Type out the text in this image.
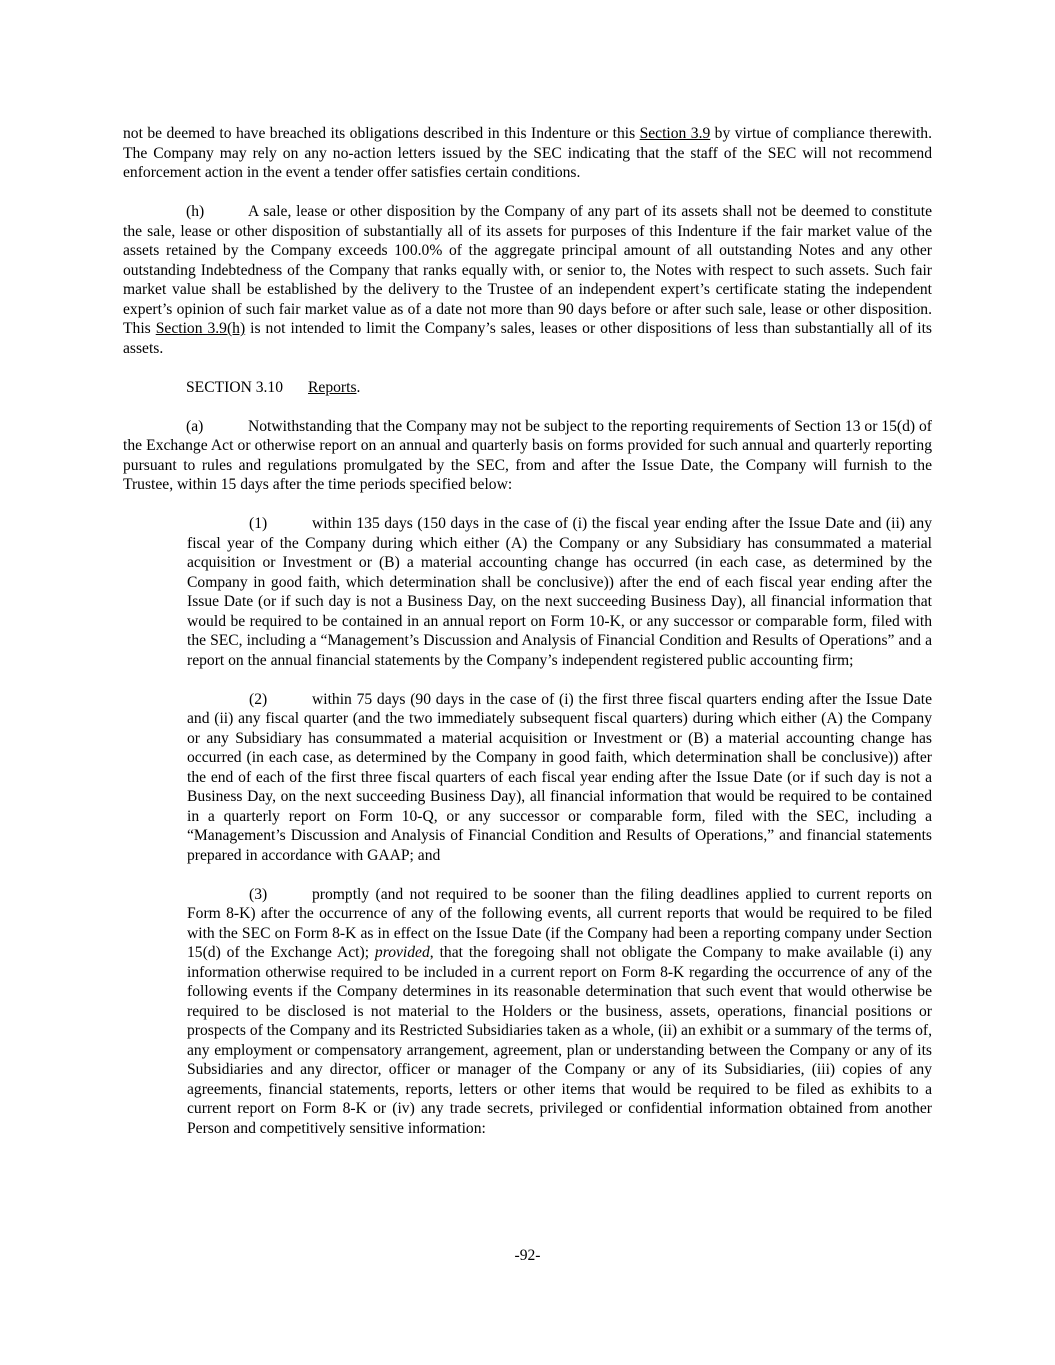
not be deemed to have breached its obligations described in this Indenture or this Section 3.9 by virtue of compliance therewith. The Company may rely on any no-action letters issued by the SEC indicating that the staff of the SEC will not recommend enforcement action in the event a tender offer satisfies certain conditions.

(h)	A sale, lease or other disposition by the Company of any part of its assets shall not be deemed to constitute the sale, lease or other disposition of substantially all of its assets for purposes of this Indenture if the fair market value of the assets retained by the Company exceeds 100.0% of the aggregate principal amount of all outstanding Notes and any other outstanding Indebtedness of the Company that ranks equally with, or senior to, the Notes with respect to such assets. Such fair market value shall be established by the delivery to the Trustee of an independent expert’s certificate stating the independent expert’s opinion of such fair market value as of a date not more than 90 days before or after such sale, lease or other disposition. This Section 3.9(h) is not intended to limit the Company’s sales, leases or other dispositions of less than substantially all of its assets.

SECTION 3.10 Reports.

(a)	Notwithstanding that the Company may not be subject to the reporting requirements of Section 13 or 15(d) of the Exchange Act or otherwise report on an annual and quarterly basis on forms provided for such annual and quarterly reporting pursuant to rules and regulations promulgated by the SEC, from and after the Issue Date, the Company will furnish to the Trustee, within 15 days after the time periods specified below:

(1)	within 135 days (150 days in the case of (i) the fiscal year ending after the Issue Date and (ii) any fiscal year of the Company during which either (A) the Company or any Subsidiary has consummated a material acquisition or Investment or (B) a material accounting change has occurred (in each case, as determined by the Company in good faith, which determination shall be conclusive)) after the end of each fiscal year ending after the Issue Date (or if such day is not a Business Day, on the next succeeding Business Day), all financial information that would be required to be contained in an annual report on Form 10-K, or any successor or comparable form, filed with the SEC, including a “Management’s Discussion and Analysis of Financial Condition and Results of Operations” and a report on the annual financial statements by the Company’s independent registered public accounting firm;

(2)	within 75 days (90 days in the case of (i) the first three fiscal quarters ending after the Issue Date and (ii) any fiscal quarter (and the two immediately subsequent fiscal quarters) during which either (A) the Company or any Subsidiary has consummated a material acquisition or Investment or (B) a material accounting change has occurred (in each case, as determined by the Company in good faith, which determination shall be conclusive)) after the end of each of the first three fiscal quarters of each fiscal year ending after the Issue Date (or if such day is not a Business Day, on the next succeeding Business Day), all financial information that would be required to be contained in a quarterly report on Form 10-Q, or any successor or comparable form, filed with the SEC, including a “Management’s Discussion and Analysis of Financial Condition and Results of Operations,” and financial statements prepared in accordance with GAAP; and

(3)	promptly (and not required to be sooner than the filing deadlines applied to current reports on Form 8-K) after the occurrence of any of the following events, all current reports that would be required to be filed with the SEC on Form 8-K as in effect on the Issue Date (if the Company had been a reporting company under Section 15(d) of the Exchange Act); provided, that the foregoing shall not obligate the Company to make available (i) any information otherwise required to be included in a current report on Form 8-K regarding the occurrence of any of the following events if the Company determines in its reasonable determination that such event that would otherwise be required to be disclosed is not material to the Holders or the business, assets, operations, financial positions or prospects of the Company and its Restricted Subsidiaries taken as a whole, (ii) an exhibit or a summary of the terms of, any employment or compensatory arrangement, agreement, plan or understanding between the Company or any of its Subsidiaries and any director, officer or manager of the Company or any of its Subsidiaries, (iii) copies of any agreements, financial statements, reports, letters or other items that would be required to be filed as exhibits to a current report on Form 8-K or (iv) any trade secrets, privileged or confidential information obtained from another Person and competitively sensitive information:

-92-
